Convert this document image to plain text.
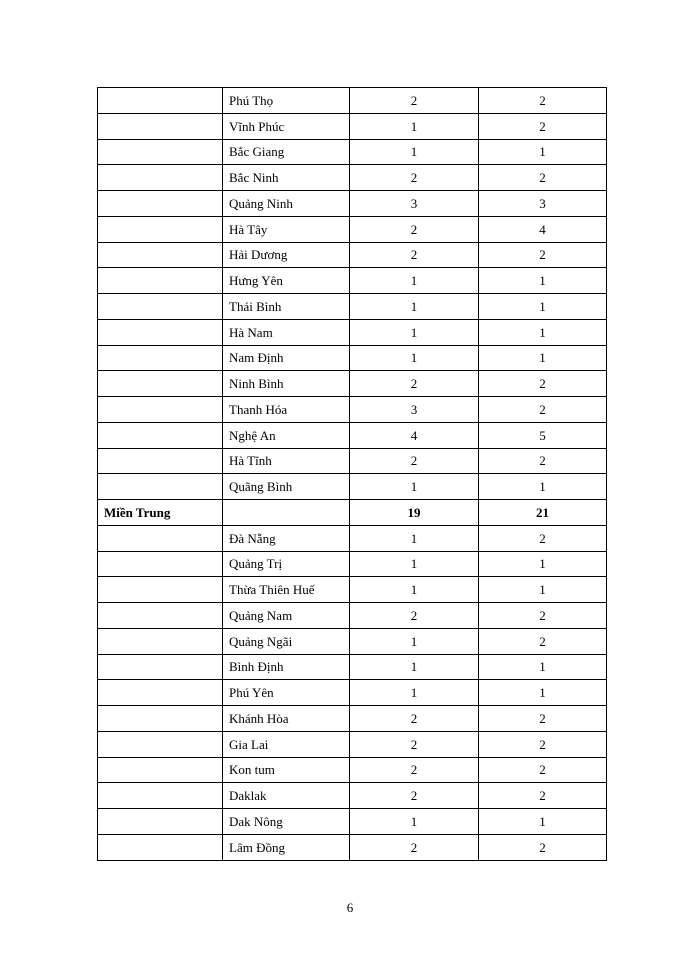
	Phú Thọ	2	2
	Vĩnh Phúc	1	2
	Bắc Giang	1	1
	Bắc Ninh	2	2
	Quảng Ninh	3	3
	Hà Tây	2	4
	Hải Dương	2	2
	Hưng Yên	1	1
	Thái Bình	1	1
	Hà Nam	1	1
	Nam Định	1	1
	Ninh Bình	2	2
	Thanh Hóa	3	2
	Nghệ An	4	5
	Hà Tĩnh	2	2
	Quãng Bình	1	1
Miền Trung		19	21
	Đà Nẵng	1	2
	Quảng Trị	1	1
	Thừa Thiên Huế	1	1
	Quảng Nam	2	2
	Quảng Ngãi	1	2
	Bình Định	1	1
	Phú Yên	1	1
	Khánh Hòa	2	2
	Gia Lai	2	2
	Kon tum	2	2
	Daklak	2	2
	Dak Nông	1	1
	Lâm Đồng	2	2
6
